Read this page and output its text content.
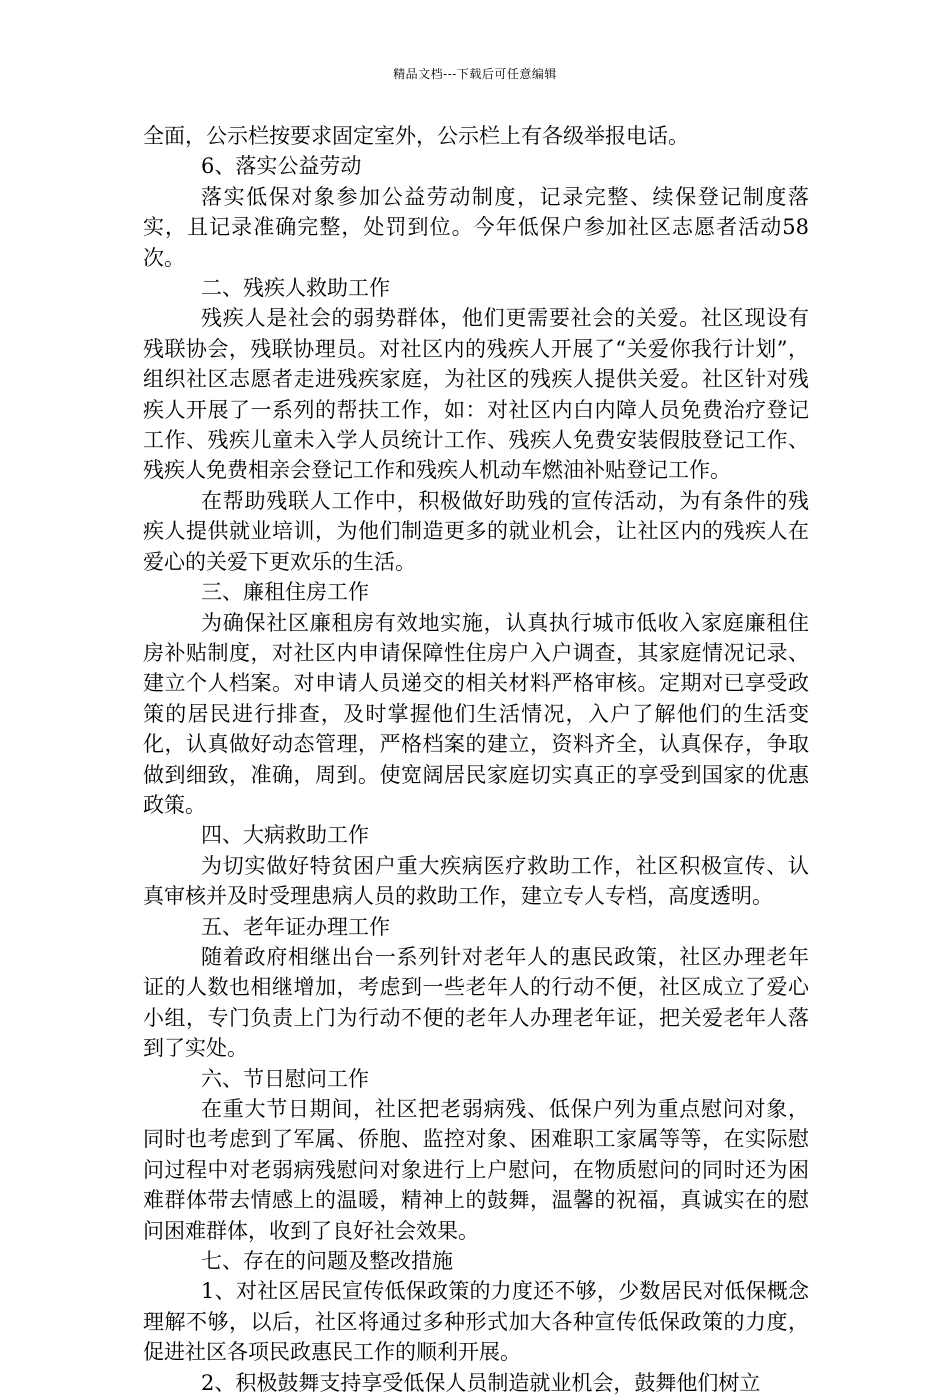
精品文档---下载后可任意编辑

全面，公示栏按要求固定室外，公示栏上有各级举报电话。

6、落实公益劳动

落实低保对象参加公益劳动制度，记录完整、续保登记制度落实，且记录准确完整，处罚到位。今年低保户参加社区志愿者活动58次。

二、残疾人救助工作

残疾人是社会的弱势群体，他们更需要社会的关爱。社区现设有残联协会，残联协理员。对社区内的残疾人开展了“关爱你我行计划”，组织社区志愿者走进残疾家庭，为社区的残疾人提供关爱。社区针对残疾人开展了一系列的帮扶工作，如：对社区内白内障人员免费治疗登记工作、残疾儿童未入学人员统计工作、残疾人免费安装假肢登记工作、残疾人免费相亲会登记工作和残疾人机动车燃油补贴登记工作。

在帮助残联人工作中，积极做好助残的宣传活动，为有条件的残疾人提供就业培训，为他们制造更多的就业机会，让社区内的残疾人在爱心的关爱下更欢乐的生活。

三、廉租住房工作

为确保社区廉租房有效地实施，认真执行城市低收入家庭廉租住房补贴制度，对社区内申请保障性住房户入户调查，其家庭情况记录、建立个人档案。对申请人员递交的相关材料严格审核。定期对已享受政策的居民进行排查，及时掌握他们生活情况，入户了解他们的生活变化，认真做好动态管理，严格档案的建立，资料齐全，认真保存，争取做到细致，准确，周到。使宽阔居民家庭切实真正的享受到国家的优惠政策。

四、大病救助工作

为切实做好特贫困户重大疾病医疗救助工作，社区积极宣传、认真审核并及时受理患病人员的救助工作，建立专人专档，高度透明。

五、老年证办理工作

随着政府相继出台一系列针对老年人的惠民政策，社区办理老年证的人数也相继增加，考虑到一些老年人的行动不便，社区成立了爱心小组，专门负责上门为行动不便的老年人办理老年证，把关爱老年人落到了实处。

六、节日慰问工作

在重大节日期间，社区把老弱病残、低保户列为重点慰问对象，同时也考虑到了军属、侨胞、监控对象、困难职工家属等等，在实际慰问过程中对老弱病残慰问对象进行上户慰问，在物质慰问的同时还为困难群体带去情感上的温暖，精神上的鼓舞，温馨的祝福，真诚实在的慰问困难群体，收到了良好社会效果。

七、存在的问题及整改措施

1、对社区居民宣传低保政策的力度还不够，少数居民对低保概念理解不够，以后，社区将通过多种形式加大各种宣传低保政策的力度，促进社区各项民政惠民工作的顺利开展。

2、积极鼓舞支持享受低保人员制造就业机会，鼓舞他们树立
